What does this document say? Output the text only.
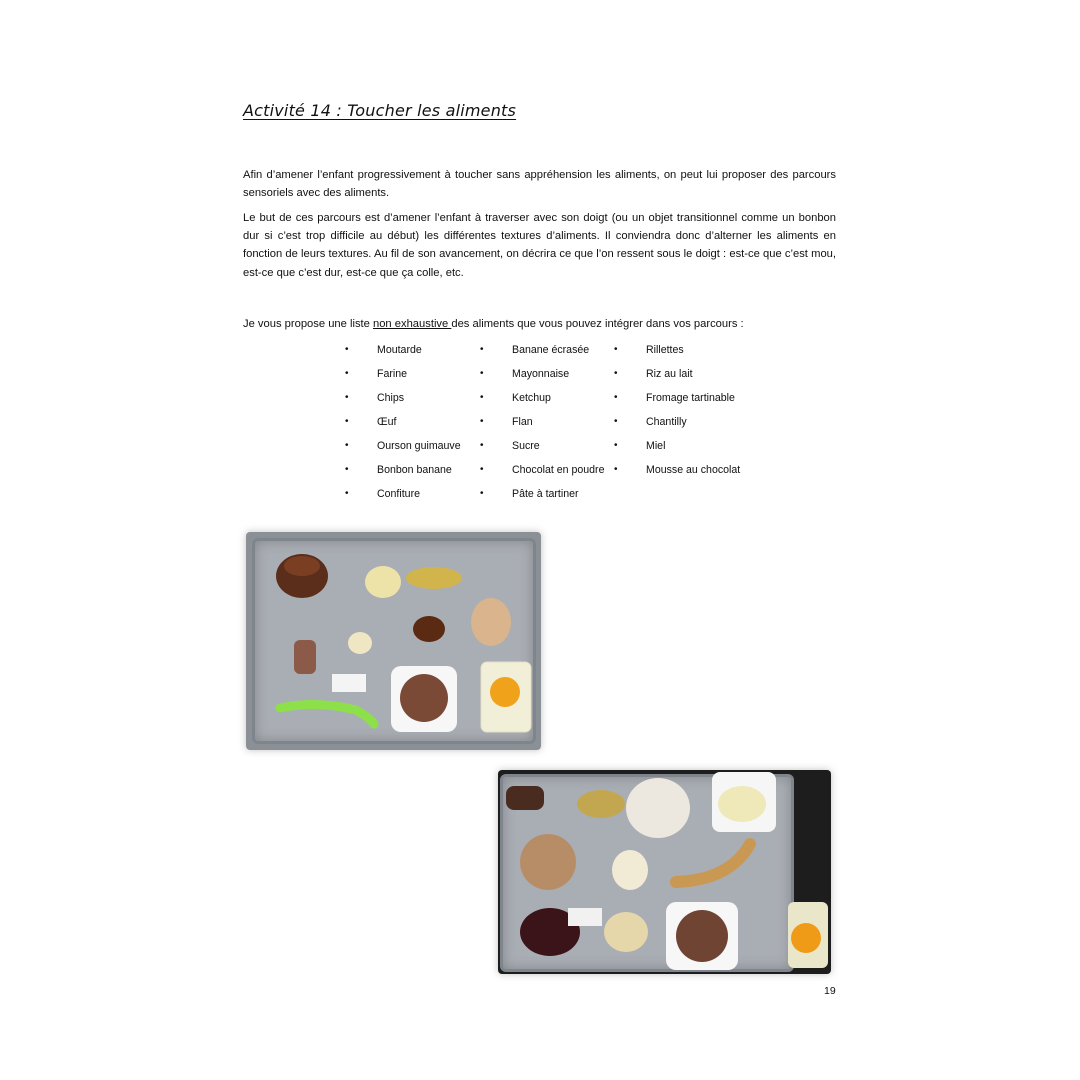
Activité 14 : Toucher les aliments

Afin d’amener l’enfant progressivement à toucher sans appréhension les aliments, on peut lui proposer des parcours sensoriels avec des aliments.

Le but de ces parcours est d’amener l’enfant à traverser avec son doigt (ou un objet transitionnel comme un bonbon dur si c’est trop difficile au début) les différentes textures d’aliments. Il conviendra donc d’alterner les aliments en fonction de leurs textures. Au fil de son avancement, on décrira ce que l’on ressent sous le doigt : est-ce que c’est mou, est-ce que c’est dur, est-ce que ça colle, etc.

Je vous propose une liste non exhaustive des aliments que vous pouvez intégrer dans vos parcours :

•	Moutarde
•	Farine
•	Chips
•	Œuf
•	Ourson guimauve
•	Bonbon banane
•	Confiture
•	Banane écrasée
•	Mayonnaise
•	Ketchup
•	Flan
•	Sucre
•	Chocolat en poudre
•	Pâte à tartiner
•	Rillettes
•	Riz au lait
•	Fromage tartinable
•	Chantilly
•	Miel
•	Mousse au chocolat
19
